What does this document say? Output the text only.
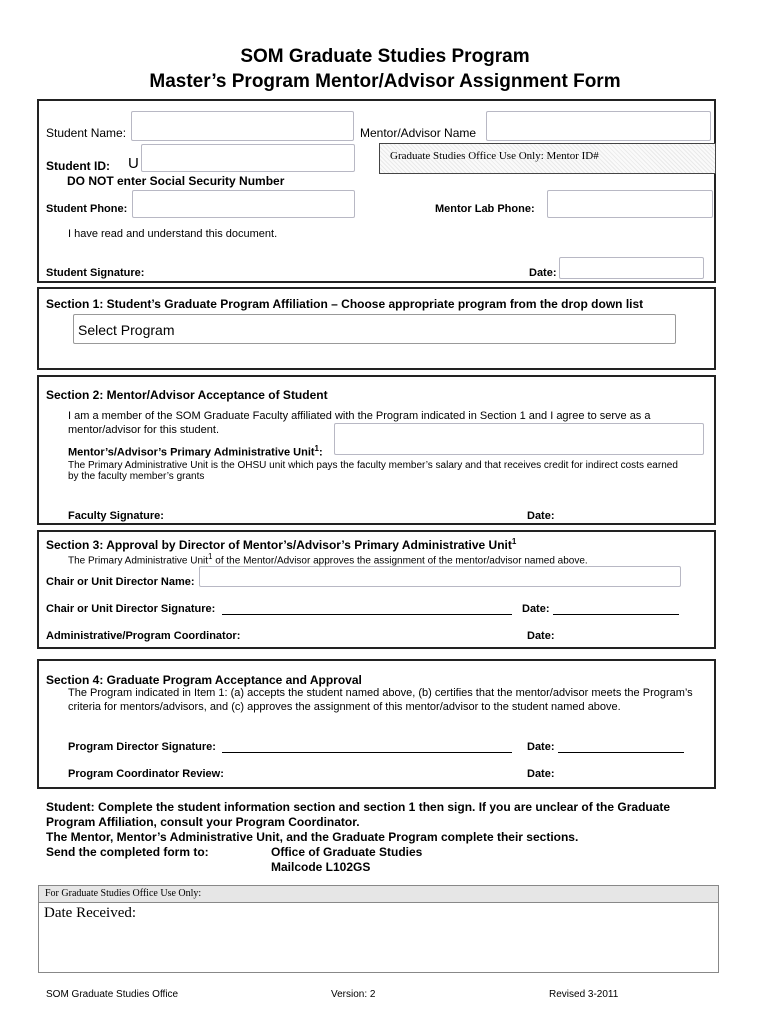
SOM Graduate Studies Program
Master’s Program Mentor/Advisor Assignment Form
Student Name:	Mentor/Advisor Name
Graduate Studies Office Use Only: Mentor ID#
Student ID: U
DO NOT enter Social Security Number
Student Phone:	Mentor Lab Phone:
I have read and understand this document.
Student Signature:	Date:
Section 1: Student’s Graduate Program Affiliation – Choose appropriate program from the drop down list
Select Program
Section 2: Mentor/Advisor Acceptance of Student
I am a member of the SOM Graduate Faculty affiliated with the Program indicated in Section 1 and I agree to serve as a
mentor/advisor for this student.
Mentor’s/Advisor’s Primary Administrative Unit$^1$:
The Primary Administrative Unit is the OHSU unit which pays the faculty member’s salary and that receives credit for indirect costs earned
by the faculty member’s grants
Faculty Signature:	Date:
Section 3: Approval by Director of Mentor’s/Advisor’s Primary Administrative Unit$^1$
The Primary Administrative Unit$^1$ of the Mentor/Advisor approves the assignment of the mentor/advisor named above.
Chair or Unit Director Name:
Chair or Unit Director Signature:	Date:
Administrative/Program Coordinator:	Date:
Section 4: Graduate Program Acceptance and Approval
The Program indicated in Item 1: (a) accepts the student named above, (b) certifies that the mentor/advisor meets the Program’s
criteria for mentors/advisors, and (c) approves the assignment of this mentor/advisor to the student named above.
Program Director Signature:	Date:
Program Coordinator Review:	Date:
Student: Complete the student information section and section 1 then sign. If you are unclear of the Graduate
Program Affiliation, consult your Program Coordinator.
The Mentor, Mentor’s Administrative Unit, and the Graduate Program complete their sections.
Send the completed form to:	Office of Graduate Studies
Mailcode L102GS
For Graduate Studies Office Use Only:
Date Received:
SOM Graduate Studies Office	Version: 2	Revised 3-2011
